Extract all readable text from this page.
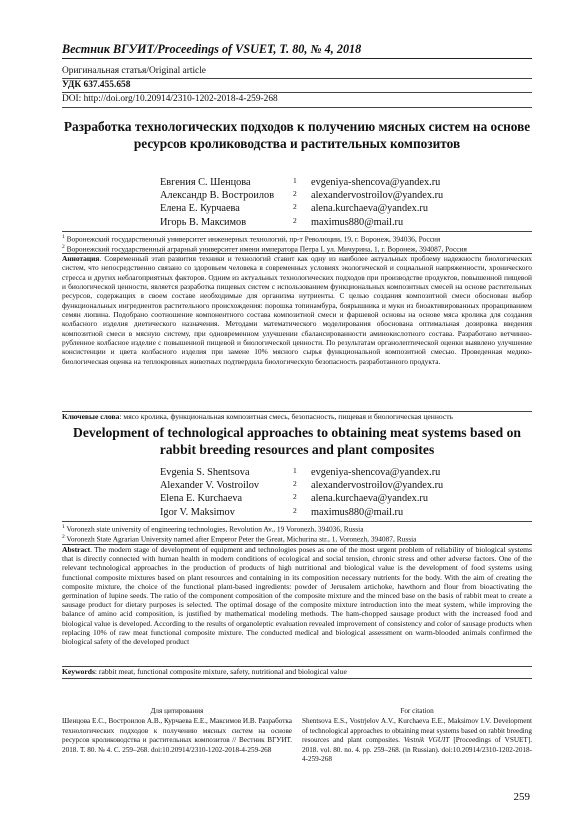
Вестник ВГУИТ/Proceedings of VSUET, Т. 80, № 4, 2018
Оригинальная статья/Original article
УДК 637.455.658
DOI: http://doi.org/10.20914/2310-1202-2018-4-259-268
Разработка технологических подходов к получению мясных систем на основе ресурсов кролиководства и растительных композитов
Евгения С. Шенцова	1	evgeniya-shencova@yandex.ru
Александр В. Востроилов	2	alexandervostroilov@yandex.ru
Елена Е. Курчаева	2	alena.kurchaeva@yandex.ru
Игорь В. Максимов	2	maximus880@mail.ru
$^1$ Воронежский государственный университет инженерных технологий, пр-т Революции, 19, г. Воронеж, 394036, Россия
$^2$ Воронежский государственный аграрный университет имени императора Петра I, ул. Мичурина, 1, г. Воронеж, 394087, Россия
Аннотация. Современный этап развития техники и технологий ставит как одну из наиболее актуальных проблему надежности биологических систем, что непосредственно связано со здоровьем человека в современных условиях экологической и социальной напряженности, хронического стресса и других неблагоприятных факторов. Одним из актуальных технологических подходов при производстве продуктов, повышенной пищевой и биологической ценности, является разработка пищевых систем с использованием функциональных композитных смесей на основе растительных ресурсов, содержащих в своем составе необходимые для организма нутриенты. С целью создания композитной смеси обоснован выбор функциональных ингредиентов растительного происхождения: порошка топинамбура, боярышника и муки из биоактивированных проращиванием семян люпина. Подобрано соотношение компонентного состава композитной смеси и фаршевой основы на основе мяса кролика для создания колбасного изделия диетического назначения. Методами математического моделирования обоснована оптимальная дозировка введения композитной смеси в мясную систему, при одновременном улучшении сбалансированности аминокислотного состава. Разработано ветчинно-рубленное колбасное изделие с повышенной пищевой и биологической ценности. По результатам органолептической оценки выявлено улучшение консистенции и цвета колбасного изделия при замене 10% мясного сырья функциональной композитной смесью. Проведенная медико-биологическая оценка на теплокровных животных подтвердила биологическую безопасность разработанного продукта.
Ключевые слова: мясо кролика, функциональная композитная смесь, безопасность, пищевая и биологическая ценность
Development of technological approaches to obtaining meat systems based on rabbit breeding resources and plant composites
Evgenia S. Shentsova	1	evgeniya-shencova@yandex.ru
Alexander V. Vostroilov	2	alexandervostroilov@yandex.ru
Elena E. Kurchaeva	2	alena.kurchaeva@yandex.ru
Igor V. Maksimov	2	maximus880@mail.ru
$^1$ Voronezh state university of engineering technologies, Revolution Av., 19 Voronezh, 394036, Russia
$^2$ Voronezh State Agrarian University named after Emperor Peter the Great, Michurina str., 1, Voronezh, 394087, Russia
Abstract. The modern stage of development of equipment and technologies poses as one of the most urgent problem of reliability of biological systems that is directly connected with human health in modern conditions of ecological and social tension, chronic stress and other adverse factors. One of the relevant technological approaches in the production of products of high nutritional and biological value is the development of food systems using functional composite mixtures based on plant resources and containing in its composition necessary nutrients for the body. With the aim of creating the composite mixture, the choice of the functional plant-based ingredients: powder of Jerusalem artichoke, hawthorn and flour from bioactivating the germination of lupine seeds. The ratio of the component composition of the composite mixture and the minced base on the basis of rabbit meat to create a sausage product for dietary purposes is selected. The optimal dosage of the composite mixture introduction into the meat system, while improving the balance of amino acid composition, is justified by mathematical modeling methods. The ham-chopped sausage product with the increased food and biological value is developed. According to the results of organoleptic evaluation revealed improvement of consistency and color of sausage products when replacing 10% of raw meat functional composite mixture. The conducted medical and biological assessment on warm-blooded animals confirmed the biological safety of the developed product
Keywords: rabbit meat, functional composite mixture, safety, nutritional and biological value
Для цитирования
Шенцова Е.С., Востроилов А.В., Курчаева Е.Е., Максимов И.В. Разработка технологических подходов к получению мясных систем на основе ресурсов кролиководства и растительных композитов // Вестник ВГУИТ. 2018. Т. 80. № 4. С. 259–268. doi:10.20914/2310-1202-2018-4-259-268
For citation
Shentsova E.S., Vostrjelov A.V., Kurchaeva E.E., Maksimov I.V. Development of technological approaches to obtaining meat systems based on rabbit breeding resources and plant composites. Vestnik VGUIT [Proceedings of VSUET]. 2018. vol. 80. no. 4. pp. 259–268. (in Russian). doi:10.20914/2310-1202-2018-4-259-268
259
